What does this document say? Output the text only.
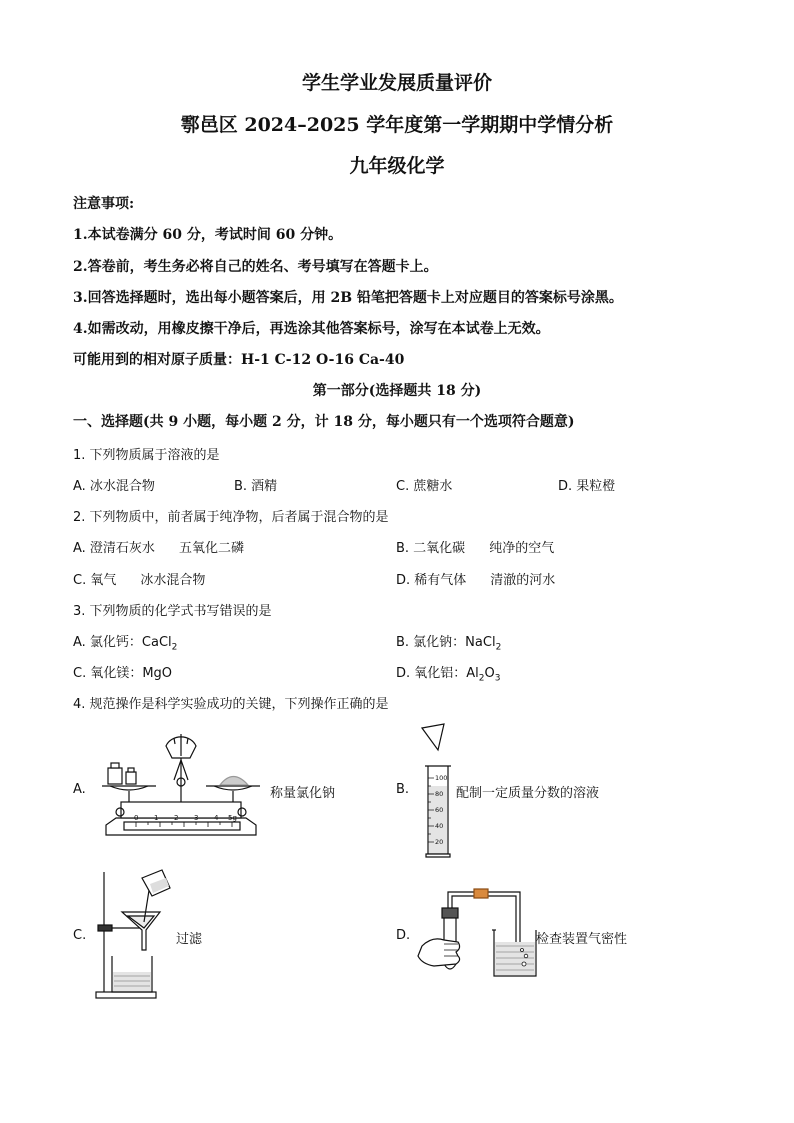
学生学业发展质量评价
鄠邑区 2024–2025 学年度第一学期期中学情分析
九年级化学
注意事项:
1.本试卷满分 60 分，考试时间 60 分钟。
2.答卷前，考生务必将自己的姓名、考号填写在答题卡上。
3.回答选择题时，选出每小题答案后，用 2B 铅笔把答题卡上对应题目的答案标号涂黑。
4.如需改动，用橡皮擦干净后，再选涂其他答案标号，涂写在本试卷上无效。
可能用到的相对原子质量：H-1 C-12 O-16 Ca-40
第一部分(选择题共 18 分)
一、选择题(共 9 小题，每小题 2 分，计 18 分，每小题只有一个选项符合题意)
1. 下列物质属于溶液的是
A. 冰水混合物	B. 酒精	C. 蔗糖水	D. 果粒橙
2. 下列物质中，前者属于纯净物，后者属于混合物的是
A. 澄清石灰水 五氧化二磷	B. 二氧化碳 纯净的空气
C. 氧气 冰水混合物	D. 稀有气体 清澈的河水
3. 下列物质的化学式书写错误的是
A. 氯化钙：CaCl$_2$	B. 氯化钠：NaCl$_2$
C. 氧化镁：MgO	D. 氧化铝：$Al_2O_3$
4. 规范操作是科学实验成功的关键，下列操作正确的是
A.
0 1 2 3 4 5g
称量氯化钠	B.
100
80
60
40
20
配制一定质量分数的溶液
C.	过滤	D.	检查装置气密性
